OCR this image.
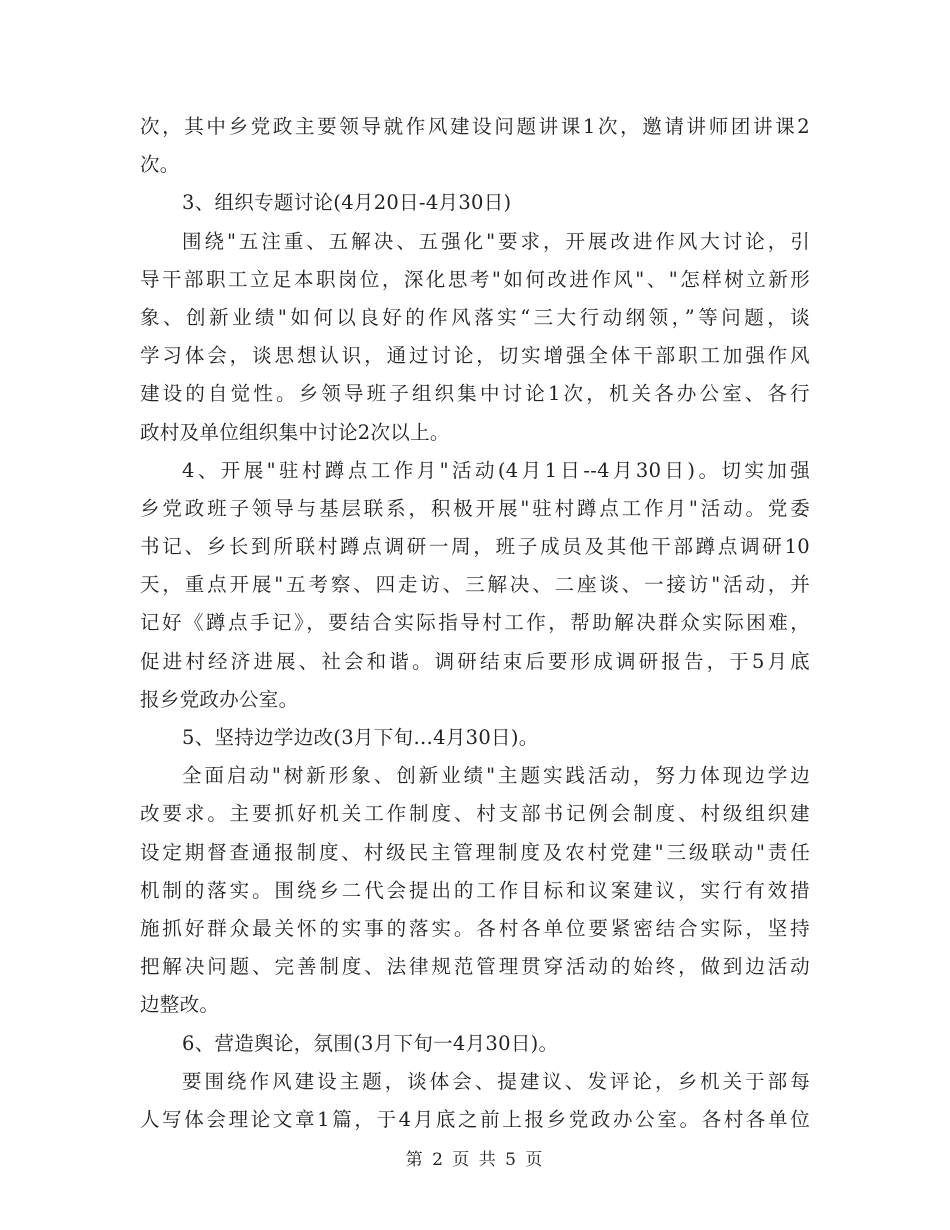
次，其中乡党政主要领导就作风建设问题讲课1次，邀请讲师团讲课2
次。
3、组织专题讨论(4月20日-4月30日)
围绕"五注重、五解决、五强化"要求，开展改进作风大讨论，引
导干部职工立足本职岗位，深化思考"如何改进作风"、"怎样树立新形
象、创新业绩"如何以良好的作风落实“三大行动纲领，”等问题，谈
学习体会，谈思想认识，通过讨论，切实增强全体干部职工加强作风
建设的自觉性。乡领导班子组织集中讨论1次，机关各办公室、各行
政村及单位组织集中讨论2次以上。
4、开展"驻村蹲点工作月"活动(4月1日--4月30日)。切实加强
乡党政班子领导与基层联系，积极开展"驻村蹲点工作月"活动。党委
书记、乡长到所联村蹲点调研一周，班子成员及其他干部蹲点调研10
天，重点开展"五考察、四走访、三解决、二座谈、一接访"活动，并
记好《蹲点手记》，要结合实际指导村工作，帮助解决群众实际困难，
促进村经济进展、社会和谐。调研结束后要形成调研报告，于5月底
报乡党政办公室。
5、坚持边学边改(3月下旬…4月30日)。
全面启动"树新形象、创新业绩"主题实践活动，努力体现边学边
改要求。主要抓好机关工作制度、村支部书记例会制度、村级组织建
设定期督查通报制度、村级民主管理制度及农村党建"三级联动"责任
机制的落实。围绕乡二代会提出的工作目标和议案建议，实行有效措
施抓好群众最关怀的实事的落实。各村各单位要紧密结合实际，坚持
把解决问题、完善制度、法律规范管理贯穿活动的始终，做到边活动
边整改。
6、营造舆论，氛围(3月下旬一4月30日)。
要围绕作风建设主题，谈体会、提建议、发评论，乡机关于部每
人写体会理论文章1篇，于4月底之前上报乡党政办公室。各村各单位
第 2 页 共 5 页
